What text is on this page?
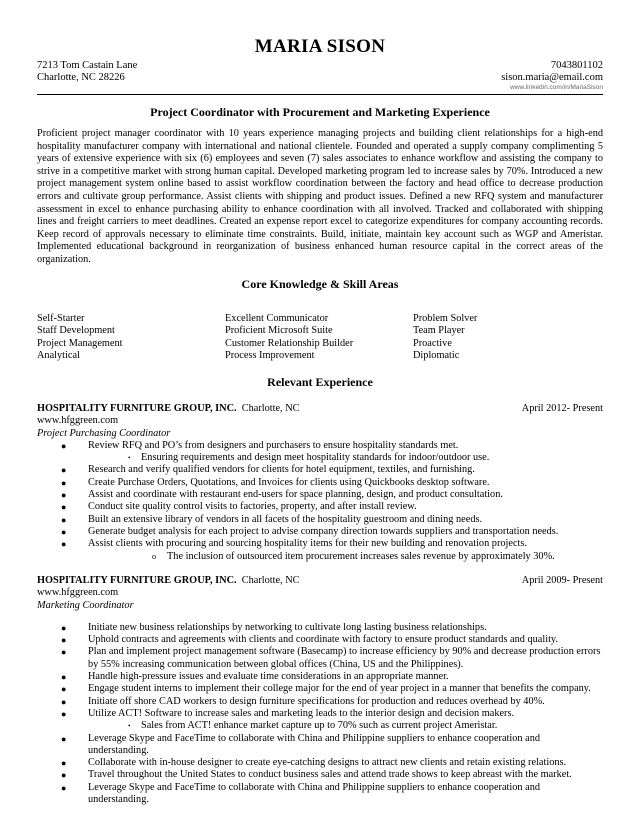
MARIA SISON
7213 Tom Castain Lane
Charlotte, NC 28226
7043801102
sison.maria@email.com
www.linkedin.com/in/MariaSison
Project Coordinator with Procurement and Marketing Experience
Proficient project manager coordinator with 10 years experience managing projects and building client relationships for a high-end hospitality manufacturer company with international and national clientele. Founded and operated a supply company complimenting 5 years of extensive experience with six (6) employees and seven (7) sales associates to enhance workflow and assisting the company to strive in a competitive market with strong human capital. Developed marketing program led to increase sales by 70%. Introduced a new project management system online based to assist workflow coordination between the factory and head office to decrease production errors and cultivate group performance. Assist clients with shipping and product issues. Defined a new RFQ system and manufacturer assessment in excel to enhance purchasing ability to enhance coordination with all involved. Tracked and collaborated with shipping lines and freight carriers to meet deadlines. Created an expense report excel to categorize expenditures for company accounting records. Keep record of approvals necessary to eliminate time constraints. Build, initiate, maintain key account such as WGP and Ameristar. Implemented educational background in reorganization of business enhanced human resource capital in the correct areas of the organization.
Core Knowledge & Skill Areas
Self-Starter
Staff Development
Project Management
Analytical
Excellent Communicator
Proficient Microsoft Suite
Customer Relationship Builder
Process Improvement
Problem Solver
Team Player
Proactive
Diplomatic
Relevant Experience
HOSPITALITY FURNITURE GROUP, INC. Charlotte, NC	April 2012- Present
www.hfggreen.com
Project Purchasing Coordinator
● Review RFQ and PO’s from designers and purchasers to ensure hospitality standards met.
• Ensuring requirements and design meet hospitality standards for indoor/outdoor use.
● Research and verify qualified vendors for clients for hotel equipment, textiles, and furnishing.
● Create Purchase Orders, Quotations, and Invoices for clients using Quickbooks desktop software.
● Assist and coordinate with restaurant end-users for space planning, design, and product consultation.
● Conduct site quality control visits to factories, property, and after install review.
● Built an extensive library of vendors in all facets of the hospitality guestroom and dining needs.
● Generate budget analysis for each project to advise company direction towards suppliers and transportation needs.
● Assist clients with procuring and sourcing hospitality items for their new building and renovation projects.
o The inclusion of outsourced item procurement increases sales revenue by approximately 30%.
HOSPITALITY FURNITURE GROUP, INC. Charlotte, NC	April 2009- Present
www.hfggreen.com
Marketing Coordinator
● Initiate new business relationships by networking to cultivate long lasting business relationships.
● Uphold contracts and agreements with clients and coordinate with factory to ensure product standards and quality.
● Plan and implement project management software (Basecamp) to increase efficiency by 90% and decrease production errors by 55% increasing communication between global offices (China, US and the Philippines).
● Handle high-pressure issues and evaluate time considerations in an appropriate manner.
● Engage student interns to implement their college major for the end of year project in a manner that benefits the company.
● Initiate off shore CAD workers to design furniture specifications for production and reduces overhead by 40%.
● Utilize ACT! Software to increase sales and marketing leads to the interior design and decision makers.
• Sales from ACT! enhance market capture up to 70% such as current project Ameristar.
● Leverage Skype and FaceTime to collaborate with China and Philippine suppliers to enhance cooperation and understanding.
● Collaborate with in-house designer to create eye-catching designs to attract new clients and retain existing relations.
● Travel throughout the United States to conduct business sales and attend trade shows to keep abreast with the market.
● Leverage Skype and FaceTime to collaborate with China and Philippine suppliers to enhance cooperation and understanding.
